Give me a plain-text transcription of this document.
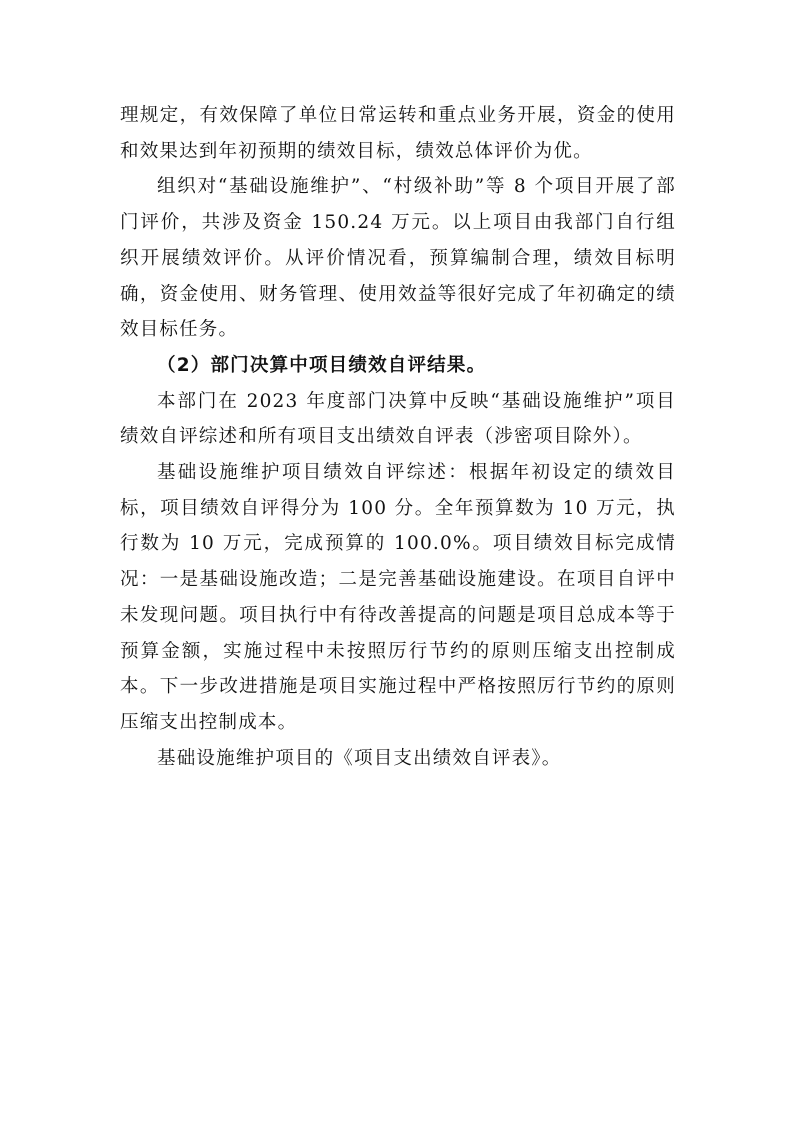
理规定，有效保障了单位日常运转和重点业务开展，资金的使用和效果达到年初预期的绩效目标，绩效总体评价为优。

组织对“基础设施维护”、“村级补助”等 8 个项目开展了部门评价，共涉及资金 150.24 万元。以上项目由我部门自行组织开展绩效评价。从评价情况看，预算编制合理，绩效目标明确，资金使用、财务管理、使用效益等很好完成了年初确定的绩效目标任务。

（2）部门决算中项目绩效自评结果。

本部门在 2023 年度部门决算中反映“基础设施维护”项目绩效自评综述和所有项目支出绩效自评表（涉密项目除外）。

基础设施维护项目绩效自评综述：根据年初设定的绩效目标，项目绩效自评得分为 100 分。全年预算数为 10 万元，执行数为 10 万元，完成预算的 100.0%。项目绩效目标完成情况：一是基础设施改造；二是完善基础设施建设。在项目自评中未发现问题。项目执行中有待改善提高的问题是项目总成本等于预算金额，实施过程中未按照厉行节约的原则压缩支出控制成本。下一步改进措施是项目实施过程中严格按照厉行节约的原则压缩支出控制成本。

基础设施维护项目的《项目支出绩效自评表》。
